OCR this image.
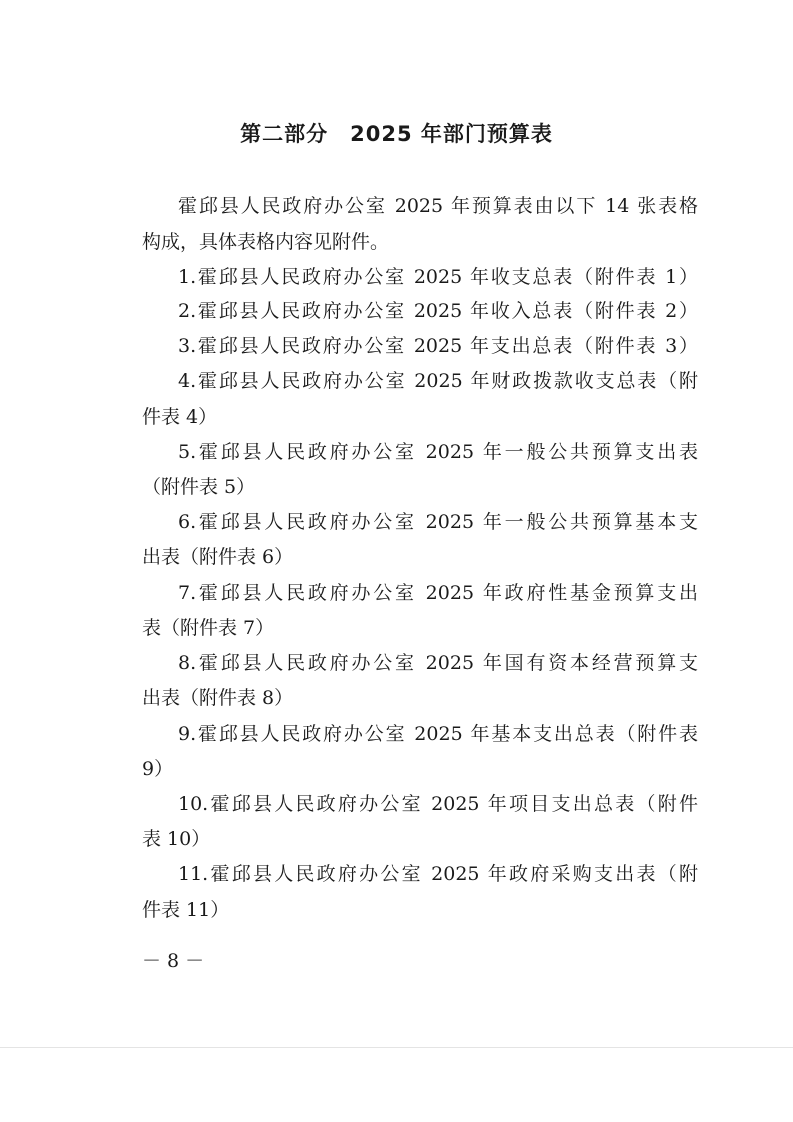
第二部分　2025 年部门预算表
霍邱县人民政府办公室 2025 年预算表由以下 14 张表格
构成，具体表格内容见附件。
1.霍邱县人民政府办公室 2025 年收支总表（附件表 1）
2.霍邱县人民政府办公室 2025 年收入总表（附件表 2）
3.霍邱县人民政府办公室 2025 年支出总表（附件表 3）
4.霍邱县人民政府办公室 2025 年财政拨款收支总表（附
件表 4）
5.霍邱县人民政府办公室 2025 年一般公共预算支出表
（附件表 5）
6.霍邱县人民政府办公室 2025 年一般公共预算基本支
出表（附件表 6）
7.霍邱县人民政府办公室 2025 年政府性基金预算支出
表（附件表 7）
8.霍邱县人民政府办公室 2025 年国有资本经营预算支
出表（附件表 8）
9.霍邱县人民政府办公室 2025 年基本支出总表（附件表
9）
10.霍邱县人民政府办公室 2025 年项目支出总表（附件
表 10）
11.霍邱县人民政府办公室 2025 年政府采购支出表（附
件表 11）
－ 8 －
